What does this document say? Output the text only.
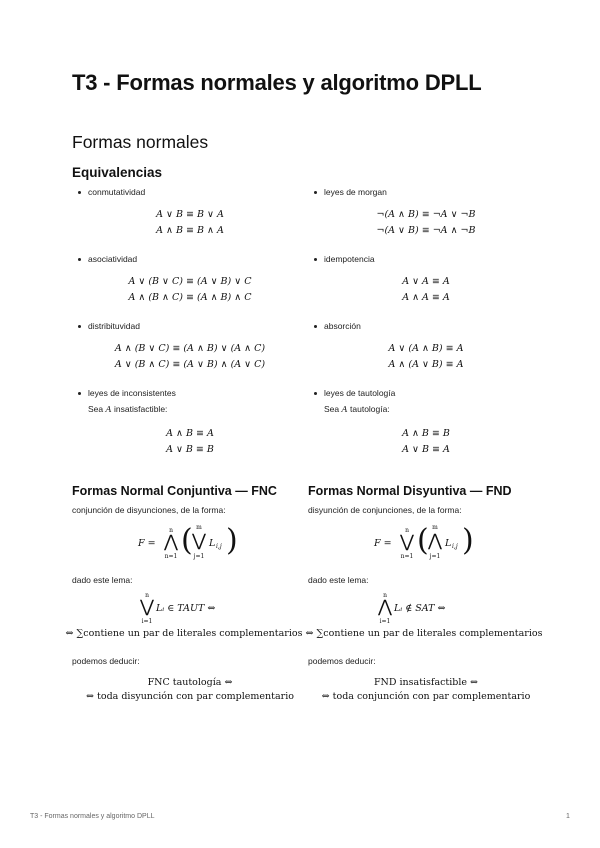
T3 - Formas normales y algoritmo DPLL
Formas normales
Equivalencias
conmutatividad
A ∨ B ≡ B ∨ A
A ∧ B ≡ B ∧ A
asociatividad
A ∨ (B ∨ C) ≡ (A ∨ B) ∨ C
A ∧ (B ∧ C) ≡ (A ∧ B) ∧ C
distribituvidad
A ∧ (B ∨ C) ≡ (A ∧ B) ∨ (A ∧ C)
A ∨ (B ∧ C) ≡ (A ∨ B) ∧ (A ∨ C)
leyes de inconsistentes
Sea A insatisfactible:
A ∧ B ≡ A
A ∨ B ≡ B
leyes de morgan
¬(A ∧ B) ≡ ¬A ∨ ¬B
¬(A ∨ B) ≡ ¬A ∧ ¬B
idempotencia
A ∨ A ≡ A
A ∧ A ≡ A
absorción
A ∨ (A ∧ B) ≡ A
A ∧ (A ∨ B) ≡ A
leyes de tautología
Sea A tautología:
A ∧ B ≡ B
A ∨ B ≡ A
Formas Normal Conjuntiva — FNC
conjunción de disyunciones, de la forma:
F =
n
⋀
n=1 ( m
⋁
j=1
L i,j )
dado este lema:
n
⋁
i=1
Lᵢ ∈ TAUT ⇔
⇔ ∑contiene un par de literales complementarios
podemos deducir:
FNC tautología ⇔
⇔ toda disyunción con par complementario
Formas Normal Disyuntiva — FND
disyunción de conjunciones, de la forma:
F =
n
⋁
n=1 ( m
⋀
j=1
L i,j )
dado este lema:
n
⋀
i=1
Lᵢ ∉ SAT ⇔
⇔ ∑contiene un par de literales complementarios
podemos deducir:
FND insatisfactible ⇔
⇔ toda conjunción con par complementario
T3 - Formas normales y algoritmo DPLL	1
